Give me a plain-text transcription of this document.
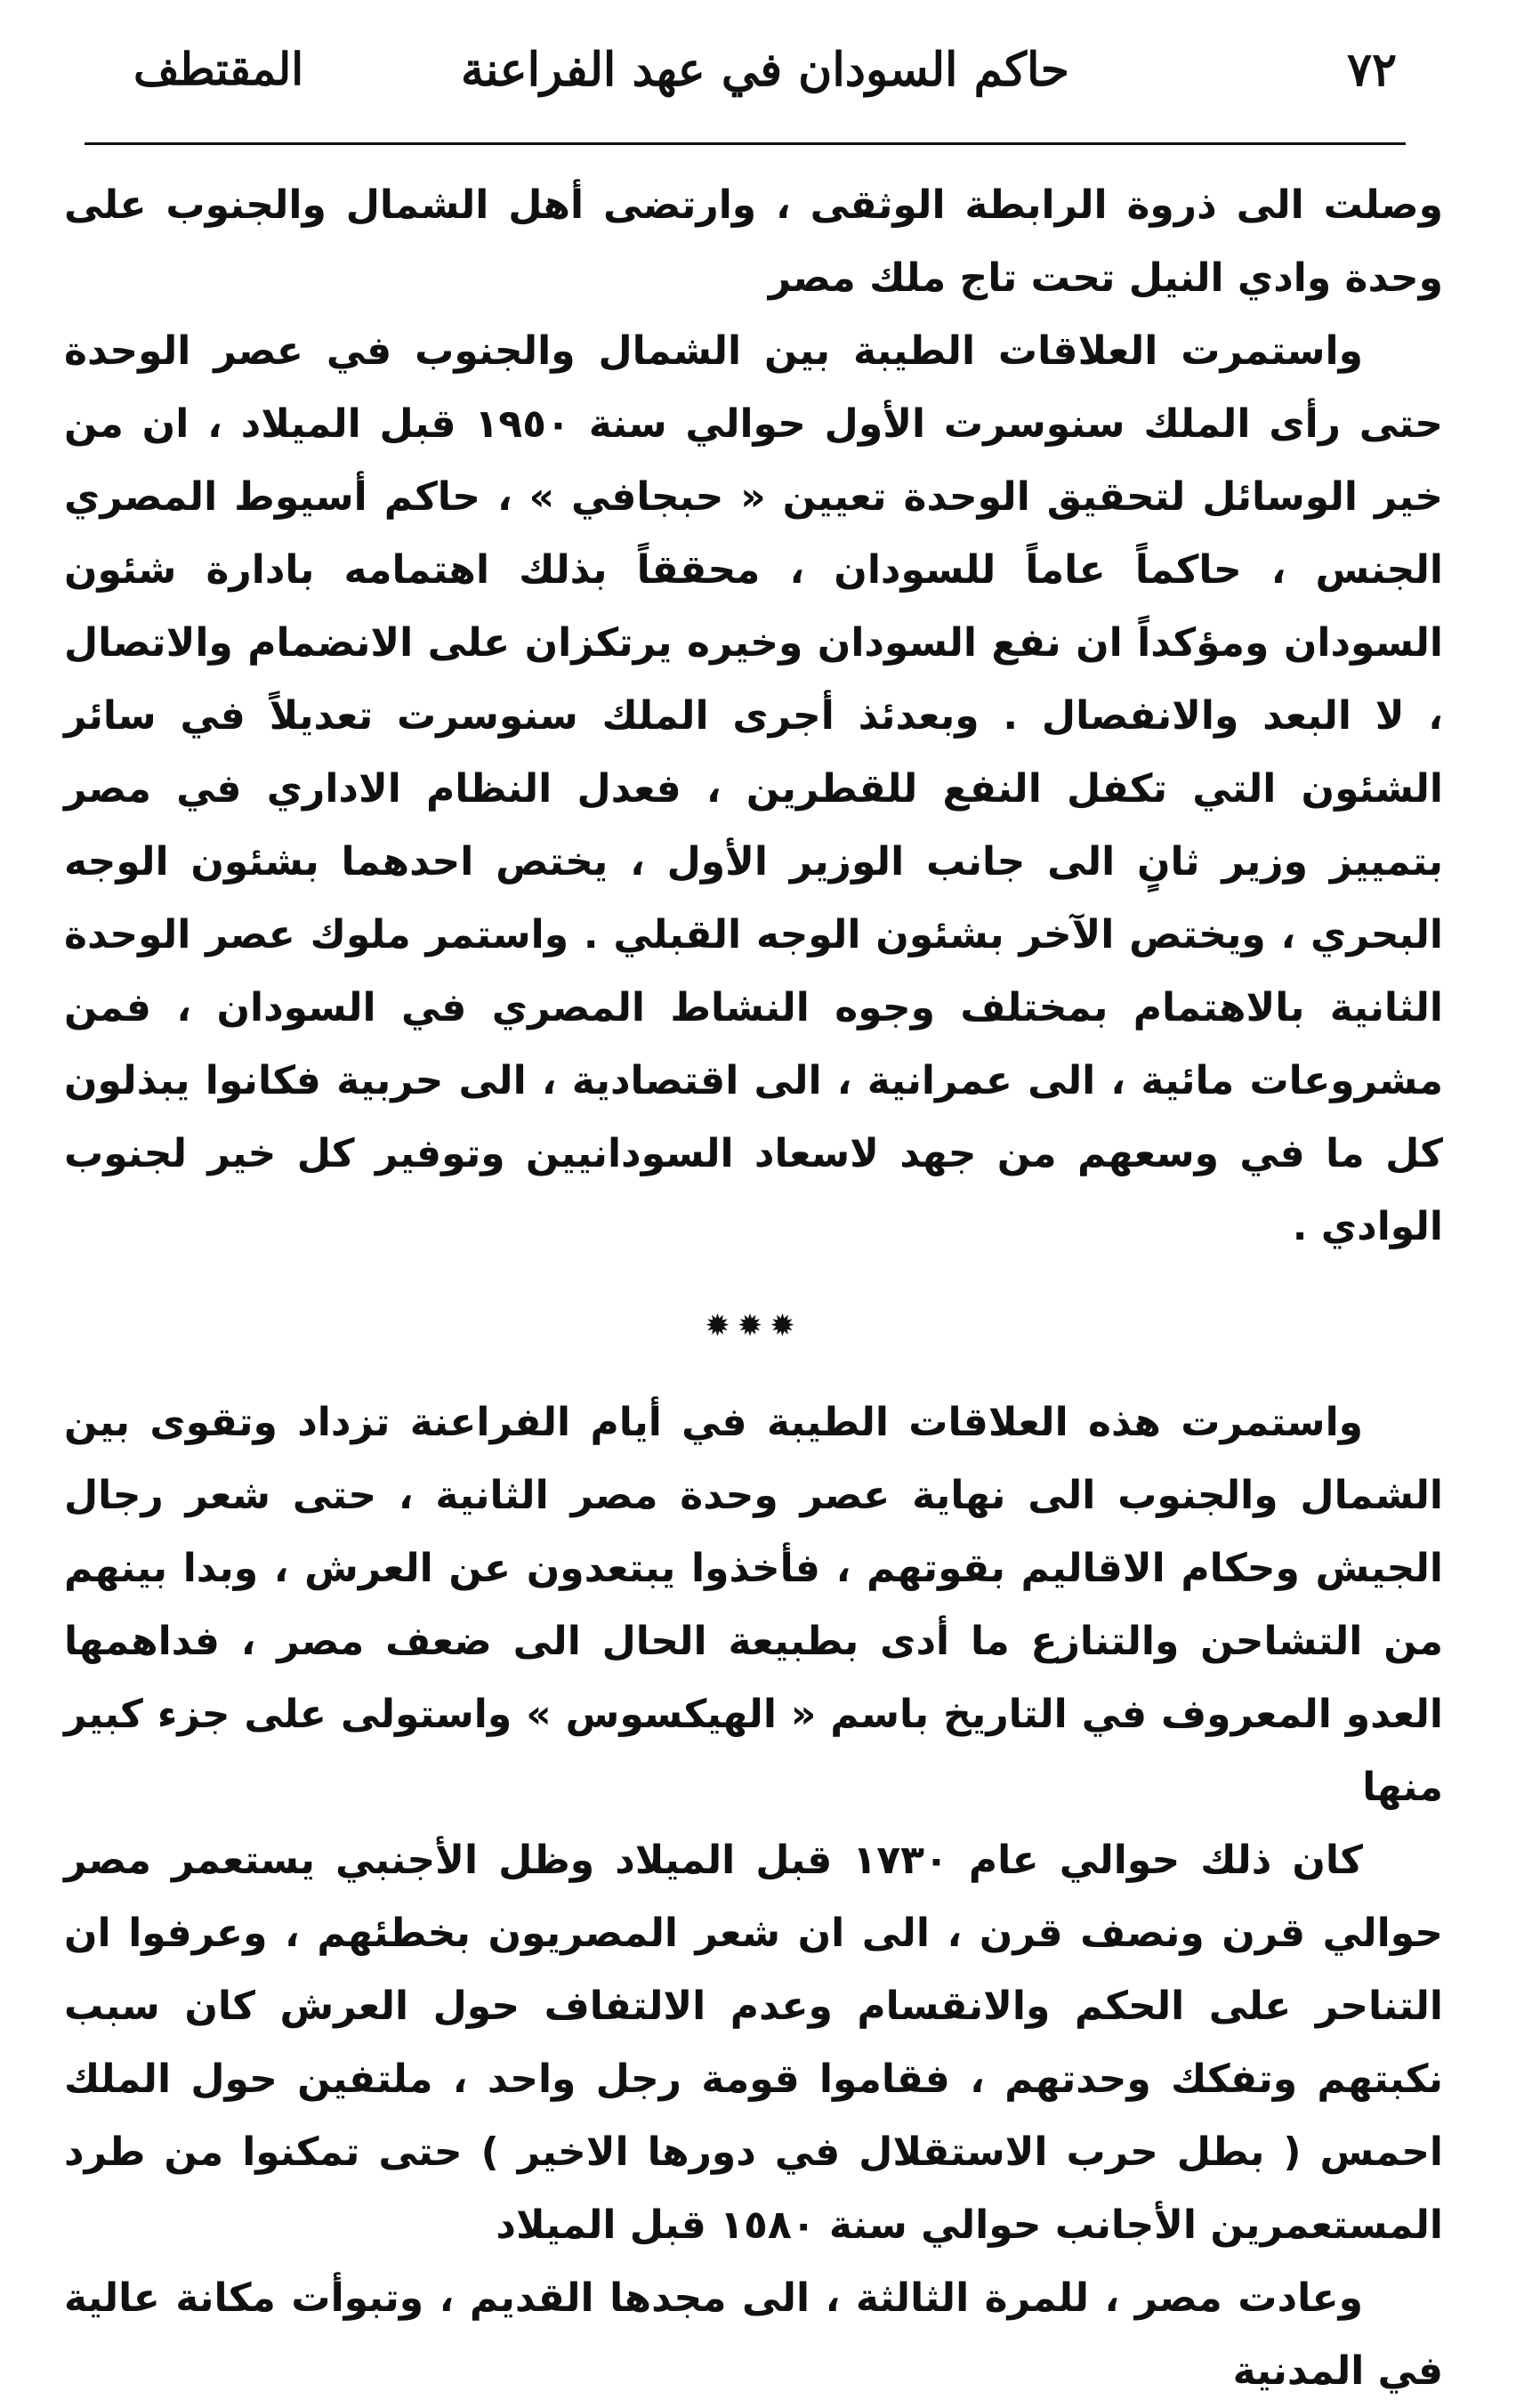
٧٢
حاكم السودان في عهد الفراعنة
المقتطف

وصلت الى ذروة الرابطة الوثقى ، وارتضى أهل الشمال والجنوب على وحدة وادي النيل تحت تاج ملك مصر

واستمرت العلاقات الطيبة بين الشمال والجنوب في عصر الوحدة حتى رأى الملك سنوسرت الأول حوالي سنة ١٩٥٠ قبل الميلاد ، ان من خير الوسائل لتحقيق الوحدة تعيين « حبجافي » ، حاكم أسيوط المصري الجنس ، حاكماً عاماً للسودان ، محققاً بذلك اهتمامه بادارة شئون السودان ومؤكداً ان نفع السودان وخيره يرتكزان على الانضمام والاتصال ، لا البعد والانفصال . وبعدئذ أجرى الملك سنوسرت تعديلاً في سائر الشئون التي تكفل النفع للقطرين ، فعدل النظام الاداري في مصر بتمييز وزير ثانٍ الى جانب الوزير الأول ، يختص احدهما بشئون الوجه البحري ، ويختص الآخر بشئون الوجه القبلي . واستمر ملوك عصر الوحدة الثانية بالاهتمام بمختلف وجوه النشاط المصري في السودان ، فمن مشروعات مائية ، الى عمرانية ، الى اقتصادية ، الى حربية فكانوا يبذلون كل ما في وسعهم من جهد لاسعاد السودانيين وتوفير كل خير لجنوب الوادي .

✹✹✹

واستمرت هذه العلاقات الطيبة في أيام الفراعنة تزداد وتقوى بين الشمال والجنوب الى نهاية عصر وحدة مصر الثانية ، حتى شعر رجال الجيش وحكام الاقاليم بقوتهم ، فأخذوا يبتعدون عن العرش ، وبدا بينهم من التشاحن والتنازع ما أدى بطبيعة الحال الى ضعف مصر ، فداهمها العدو المعروف في التاريخ باسم « الهيكسوس » واستولى على جزء كبير منها

كان ذلك حوالي عام ١٧٣٠ قبل الميلاد وظل الأجنبي يستعمر مصر حوالي قرن ونصف قرن ، الى ان شعر المصريون بخطئهم ، وعرفوا ان التناحر على الحكم والانقسام وعدم الالتفاف حول العرش كان سبب نكبتهم وتفكك وحدتهم ، فقاموا قومة رجل واحد ، ملتفين حول الملك احمس ( بطل حرب الاستقلال في دورها الاخير ) حتى تمكنوا من طرد المستعمرين الأجانب حوالي سنة ١٥٨٠ قبل الميلاد

وعادت مصر ، للمرة الثالثة ، الى مجدها القديم ، وتبوأت مكانة عالية في المدنية
